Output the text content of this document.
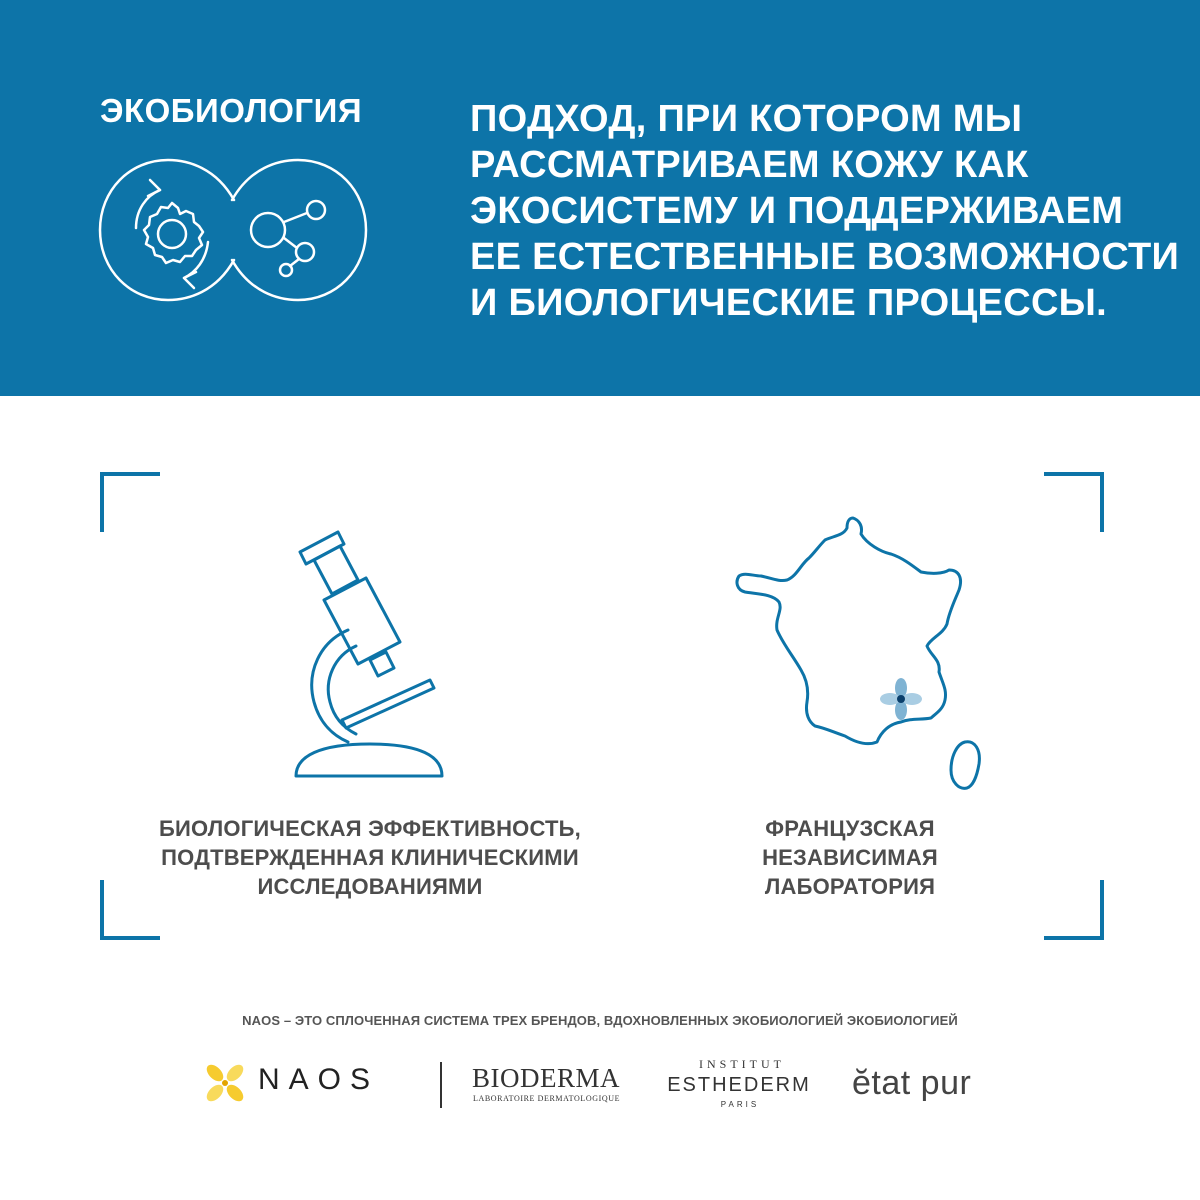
ЭКОБИОЛОГИЯ	ПОДХОД, ПРИ КОТОРОМ МЫ
РАССМАТРИВАЕМ КОЖУ КАК
ЭКОСИСТЕМУ И ПОДДЕРЖИВАЕМ
ЕЕ ЕСТЕСТВЕННЫЕ ВОЗМОЖНОСТИ
И БИОЛОГИЧЕСКИЕ ПРОЦЕССЫ.
БИОЛОГИЧЕСКАЯ ЭФФЕКТИВНОСТЬ,
ПОДТВЕРЖДЕННАЯ КЛИНИЧЕСКИМИ
ИССЛЕДОВАНИЯМИ
ФРАНЦУЗСКАЯ
НЕЗАВИСИМАЯ
ЛАБОРАТОРИЯ
NAOS – ЭТО СПЛОЧЕННАЯ СИСТЕМА ТРЕХ БРЕНДОВ, ВДОХНОВЛЕННЫХ ЭКОБИОЛОГИЕЙ ЭКОБИОЛОГИЕЙ
NAOS	BIODERMA
LABORATOIRE DERMATOLOGIQUE
INSTITUT
ESTHEDERM
PARIS
ĕtat pur
